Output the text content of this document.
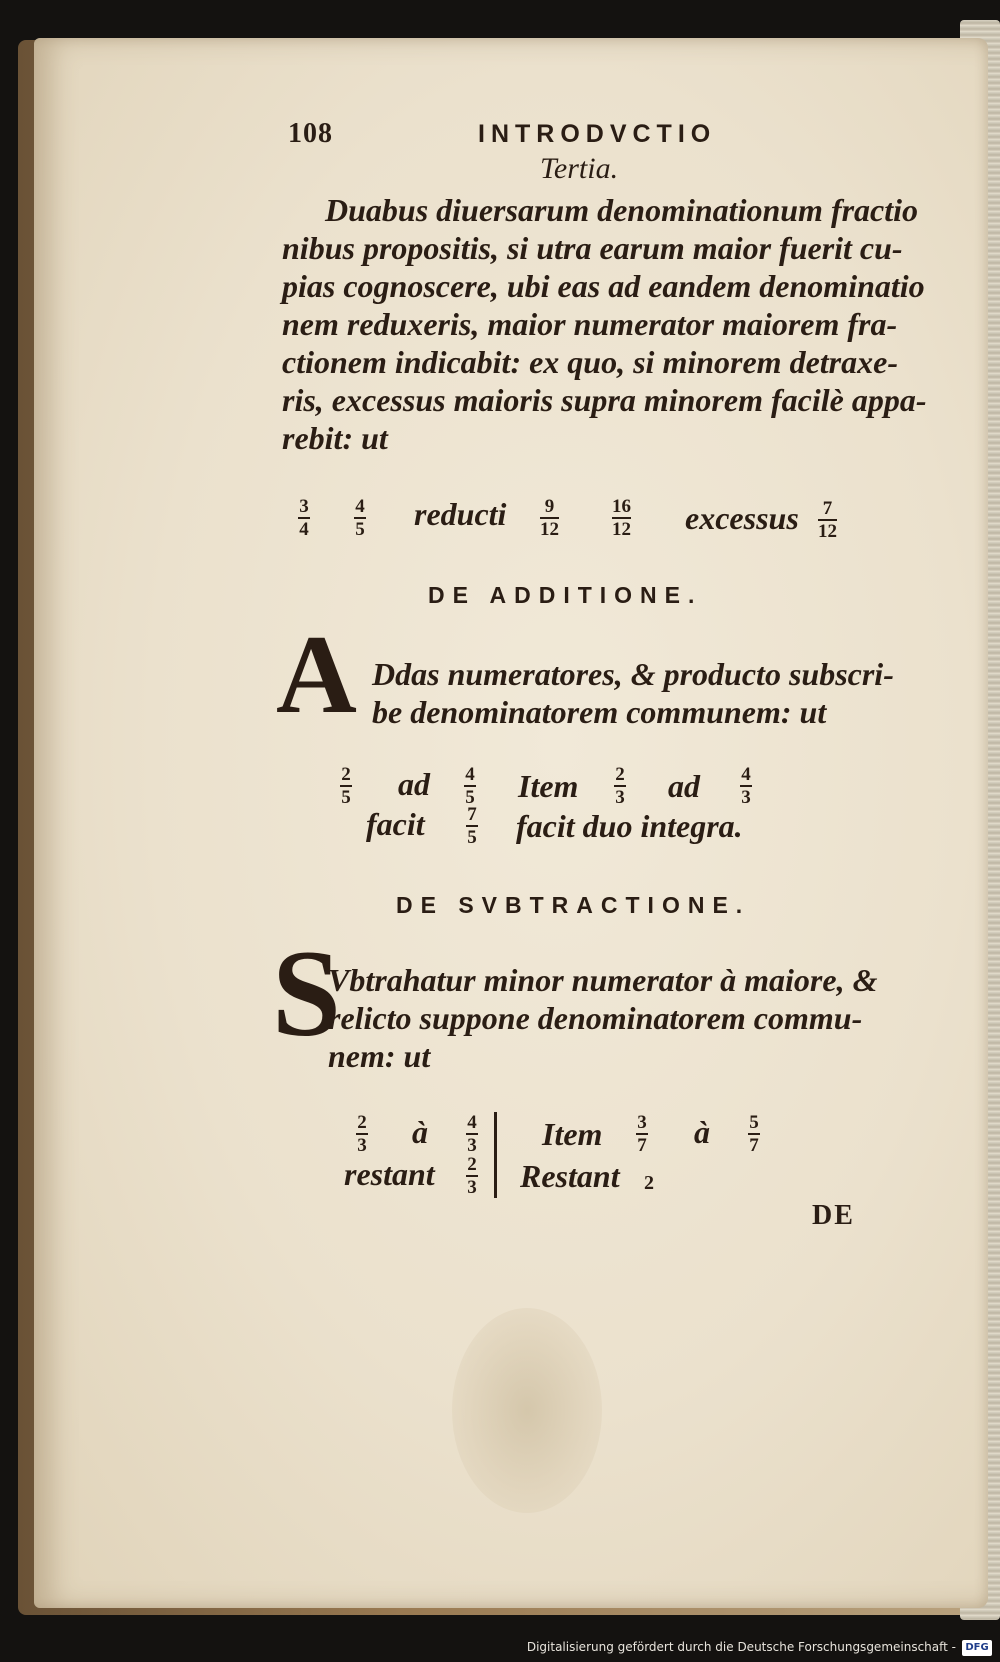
108	INTRODVCTIO
Tertia.
Duabus diuersarum denominationum fractio
nibus propositis, si utra earum maior fuerit cu-
pias cognoscere, ubi eas ad eandem denominatio
nem reduxeris, maior numerator maiorem fra-
ctionem indicabit: ex quo, si minorem detraxe-
ris, excessus maioris supra minorem facilè appa-
rebit: ut
3
4
4
5 reducti 9
12
16
12 excessus 7
12
DE ADDITIONE.
A Ddas numeratores, & producto subscri-
be denominatorem communem: ut
2
5 ad 4
5 Item 2
3 ad 4
3
facit 7
5 facit duo integra.
DE SVBTRACTIONE.
S
Vbtrahatur minor numerator à maiore, &
relicto suppone denominatorem commu-
nem: ut
2
3 à 4
3 Item 3
7 à 5
7
restant 2
3 Restant 2
DE
Digitalisierung gefördert durch die Deutsche Forschungsgemeinschaft - DFG
